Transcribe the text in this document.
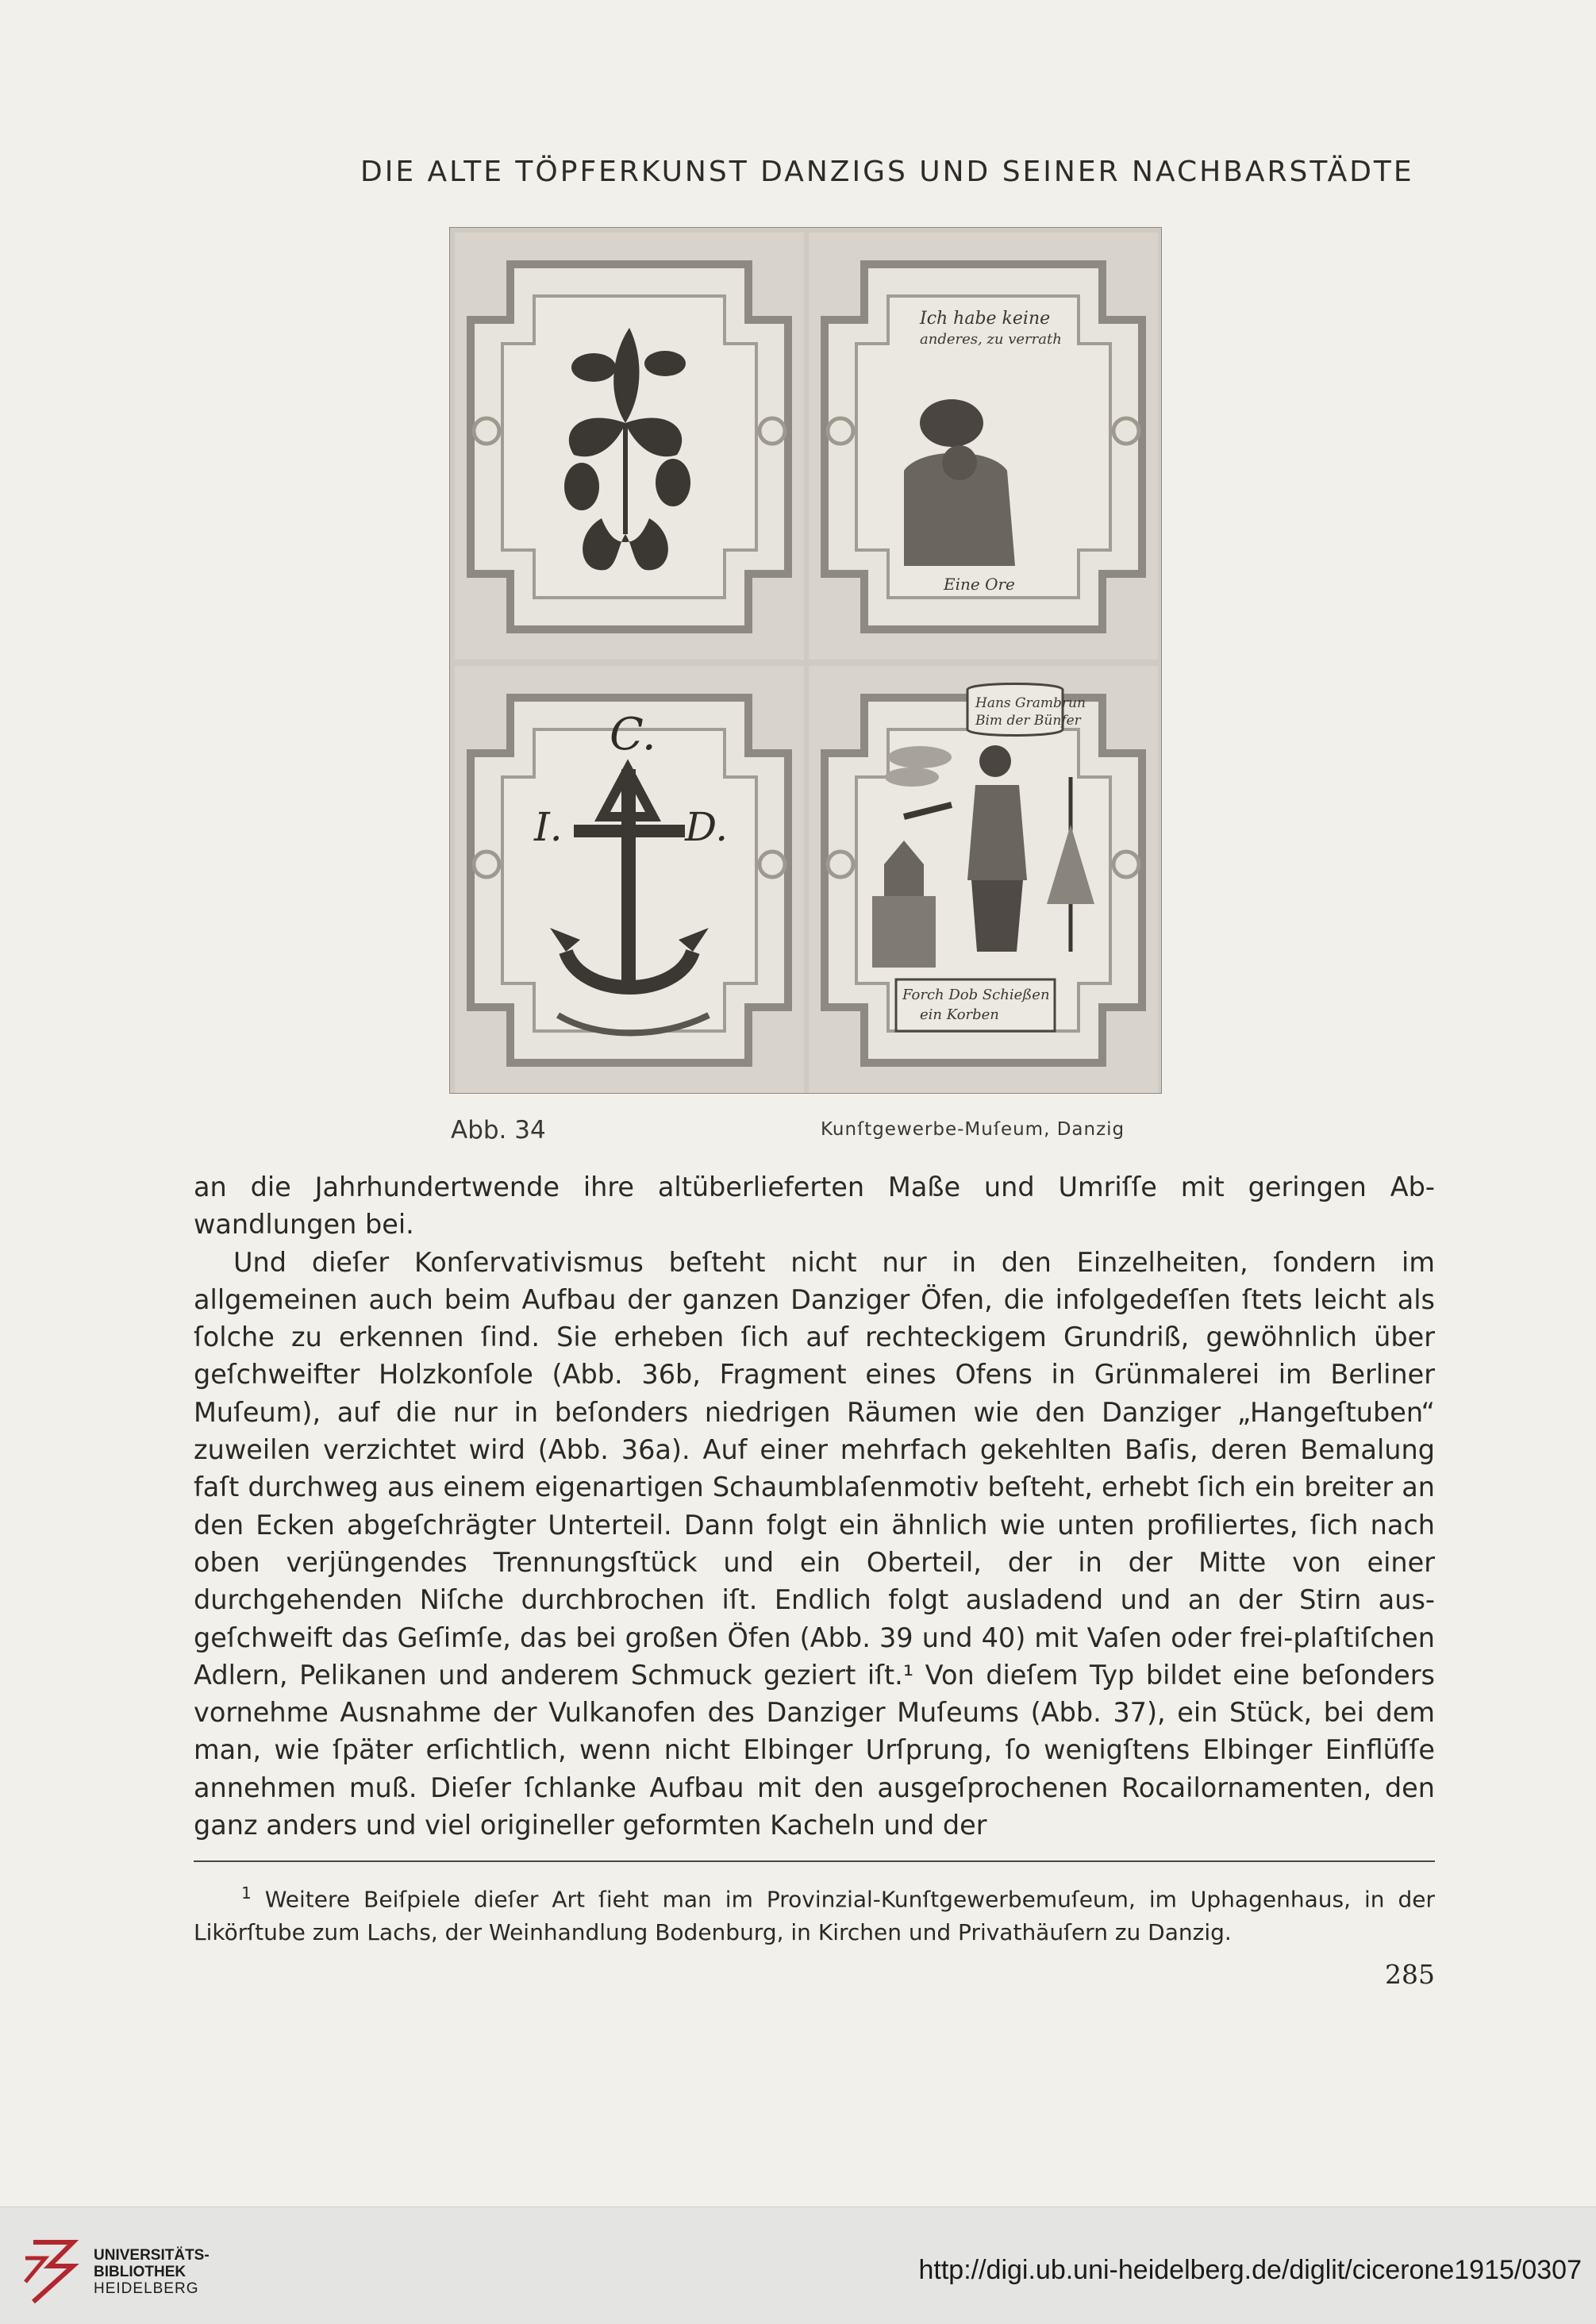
DIE ALTE TÖPFERKUNST DANZIGS UND SEINER NACHBARSTÄDTE
Ich habe keine
anderes, zu verrath
Eine Ore
C.
I.	D.
Hans Grambrun
Bim der Bünfer
Forch Dob Schießen
ein Korben
Abb. 34	Kunſtgewerbe-Muſeum, Danzig

an die Jahrhundertwende ihre altüberlieferten Maße und Umriſſe mit geringen Ab-wandlungen bei.

Und dieſer Konſervativismus beſteht nicht nur in den Einzelheiten, ſondern im allgemeinen auch beim Aufbau der ganzen Danziger Öfen, die infolgedeſſen ſtets leicht als ſolche zu erkennen ſind. Sie erheben ſich auf rechteckigem Grundriß, gewöhnlich über geſchweifter Holzkonſole (Abb. 36b, Fragment eines Ofens in Grünmalerei im Berliner Muſeum), auf die nur in beſonders niedrigen Räumen wie den Danziger „Hangeſtuben“ zuweilen verzichtet wird (Abb. 36a). Auf einer mehrfach gekehlten Baſis, deren Bemalung faſt durchweg aus einem eigenartigen Schaumblaſenmotiv beſteht, erhebt ſich ein breiter an den Ecken abgeſchrägter Unterteil. Dann folgt ein ähnlich wie unten profiliertes, ſich nach oben verjüngendes Trennungsſtück und ein Oberteil, der in der Mitte von einer durchgehenden Niſche durchbrochen iſt. Endlich folgt ausladend und an der Stirn aus-geſchweift das Geſimſe, das bei großen Öfen (Abb. 39 und 40) mit Vaſen oder frei-plaſtiſchen Adlern, Pelikanen und anderem Schmuck geziert iſt.¹ Von dieſem Typ bildet eine beſonders vornehme Ausnahme der Vulkanofen des Danziger Muſeums (Abb. 37), ein Stück, bei dem man, wie ſpäter erſichtlich, wenn nicht Elbinger Urſprung, ſo wenigſtens Elbinger Einflüſſe annehmen muß. Dieſer ſchlanke Aufbau mit den ausgeſprochenen Rocailornamenten, den ganz anders und viel origineller geformten Kacheln und der

$^1$ Weitere Beiſpiele dieſer Art ſieht man im Provinzial-Kunſtgewerbemuſeum, im Uphagenhaus, in der Likörſtube zum Lachs, der Weinhandlung Bodenburg, in Kirchen und Privathäuſern zu Danzig.
285
UNIVERSITÄTS-
BIBLIOTHEK
HEIDELBERG
http://digi.ub.uni-heidelberg.de/diglit/cicerone1915/0307
